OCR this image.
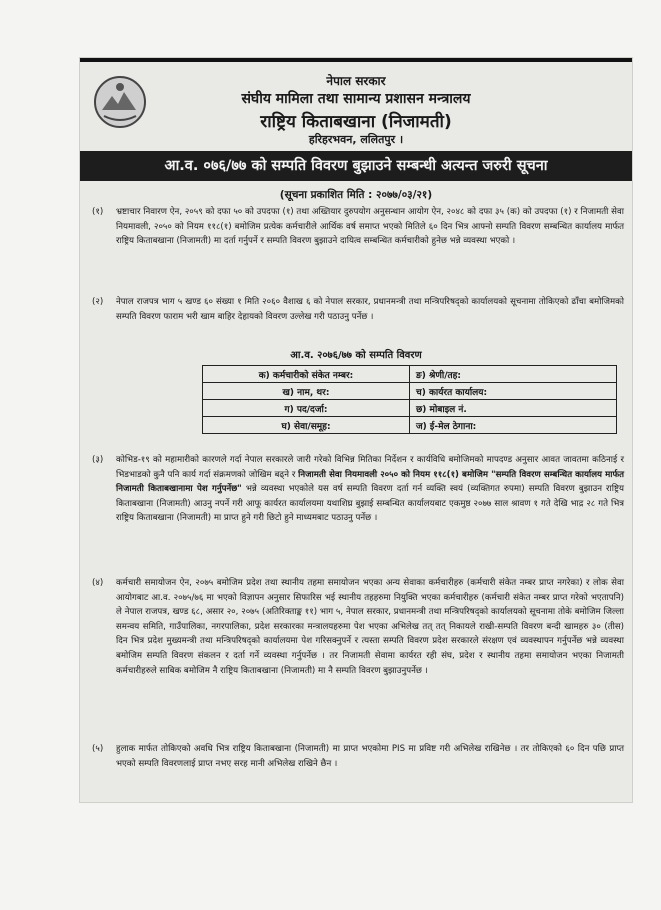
नेपाल सरकार
संघीय मामिला तथा सामान्य प्रशासन मन्त्रालय
राष्ट्रिय किताबखाना (निजामती)
हरिहरभवन, ललितपुर ।
आ.व. ०७६/७७ को सम्पति विवरण बुझाउने सम्बन्धी अत्यन्त जरुरी सूचना
(सूचना प्रकाशित मिति : २०७७/०३/२१)
(१)	भ्रष्टाचार निवारण ऐन, २०५९ को दफा ५० को उपदफा (१) तथा अख्तियार दुरुपयोग अनुसन्धान आयोग ऐन, २०४८ को दफा ३५ (क) को उपदफा (१) र निजामती सेवा नियमावली, २०५० को नियम ११८(१) बमोजिम प्रत्येक कर्मचारीले आर्थिक वर्ष समाप्त भएको मितिले ६० दिन भित्र आफ्नो सम्पति विवरण सम्बन्धित कार्यालय मार्फत राष्ट्रिय किताबखाना (निजामती) मा दर्ता गर्नुपर्ने र सम्पति विवरण बुझाउने दायित्व सम्बन्धित कर्मचारीको हुनेछ भन्ने व्यवस्था भएको ।
(२)	नेपाल राजपत्र भाग ५ खण्ड ६० संख्या १ मिति २०६० वैशाख ६ को नेपाल सरकार, प्रधानमन्त्री तथा मन्त्रिपरिषद्को कार्यालयको सूचनामा तोकिएको ढाँचा बमोजिमको सम्पति विवरण फाराम भरी खाम बाहिर देहायको विवरण उल्लेख गरी पठाउनु पर्नेछ ।
आ.व. २०७६/७७ को सम्पति विवरण
क) कर्मचारीको संकेत नम्बर:	ङ) श्रेणी/तह:
ख) नाम, थर:	च) कार्यरत कार्यालय:
ग) पद/दर्जा:	छ) मोबाइल नं.
घ) सेवा/समूह:	ज) ई-मेल ठेगाना:
(३)	कोभिड-१९ को महामारीको कारणले गर्दा नेपाल सरकारले जारी गरेको विभिन्न मितिका निर्देशन र कार्यविधि बमोजिमको मापदण्ड अनुसार आवत जावतमा कठिनाई र भिडभाडको कुनै पनि कार्य गर्दा संक्रमणको जोखिम बढ्ने र निजामती सेवा नियमावली २०५० को नियम ११८(१) बमोजिम "सम्पति विवरण सम्बन्धित कार्यालय मार्फत निजामती किताबखानामा पेश गर्नुपर्नेछ" भन्ने व्यवस्था भएकोले यस वर्ष सम्पति विवरण दर्ता गर्न व्यक्ति स्वयं (व्यक्तिगत रुपमा) सम्पति विवरण बुझाउन राष्ट्रिय किताबखाना (निजामती) आउनु नपर्ने गरी आफू कार्यरत कार्यालयमा यथाशिघ्र बुझाई सम्बन्धित कार्यालयबाट एकमुष्ठ २०७७ साल श्रावण १ गते देखि भाद्र २८ गते भित्र राष्ट्रिय किताबखाना (निजामती) मा प्राप्त हुने गरी छिटो हुने माध्यमबाट पठाउनु पर्नेछ ।
(४)	कर्मचारी समायोजन ऐन, २०७५ बमोजिम प्रदेश तथा स्थानीय तहमा समायोजन भएका अन्य सेवाका कर्मचारीहरु (कर्मचारी संकेत नम्बर प्राप्त नगरेका) र लोक सेवा आयोगबाट आ.व. २०७५/७६ मा भएको विज्ञापन अनुसार सिफारिस भई स्थानीय तहहरुमा नियुक्ति भएका कर्मचारीहरु (कर्मचारी संकेत नम्बर प्राप्त गरेको भएतापनि) ले नेपाल राजपत्र, खण्ड ६८, असार २०, २०७५ (अतिरिक्ताङ्क ११) भाग ५, नेपाल सरकार, प्रधानमन्त्री तथा मन्त्रिपरिषद्को कार्यालयको सूचनामा तोके बमोजिम जिल्ला समन्वय समिति, गाउँपालिका, नगरपालिका, प्रदेश सरकारका मन्त्रालयहरुमा पेश भएका अभिलेख तत् तत् निकायले राखी-सम्पति विवरण बन्दी खामहरु ३० (तीस) दिन भित्र प्रदेश मुख्यमन्त्री तथा मन्त्रिपरिषद्को कार्यालयमा पेश गरिसक्नुपर्ने र त्यस्ता सम्पति विवरण प्रदेश सरकारले संरक्षण एवं व्यवस्थापन गर्नुपर्नेछ भन्ने व्यवस्था बमोजिम सम्पति विवरण संकलन र दर्ता गर्ने व्यवस्था गर्नुपर्नेछ । तर निजामती सेवामा कार्यरत रही संघ, प्रदेश र स्थानीय तहमा समायोजन भएका निजामती कर्मचारीहरुले साबिक बमोजिम नै राष्ट्रिय किताबखाना (निजामती) मा नै सम्पति विवरण बुझाउनुपर्नेछ ।
(५)	हुलाक मार्फत तोकिएको अवधि भित्र राष्ट्रिय किताबखाना (निजामती) मा प्राप्त भएकोमा PIS मा प्रविष्ट गरी अभिलेख राखिनेछ । तर तोकिएको ६० दिन पछि प्राप्त भएको सम्पति विवरणलाई प्राप्त नभए सरह मानी अभिलेख राखिने छैन ।
